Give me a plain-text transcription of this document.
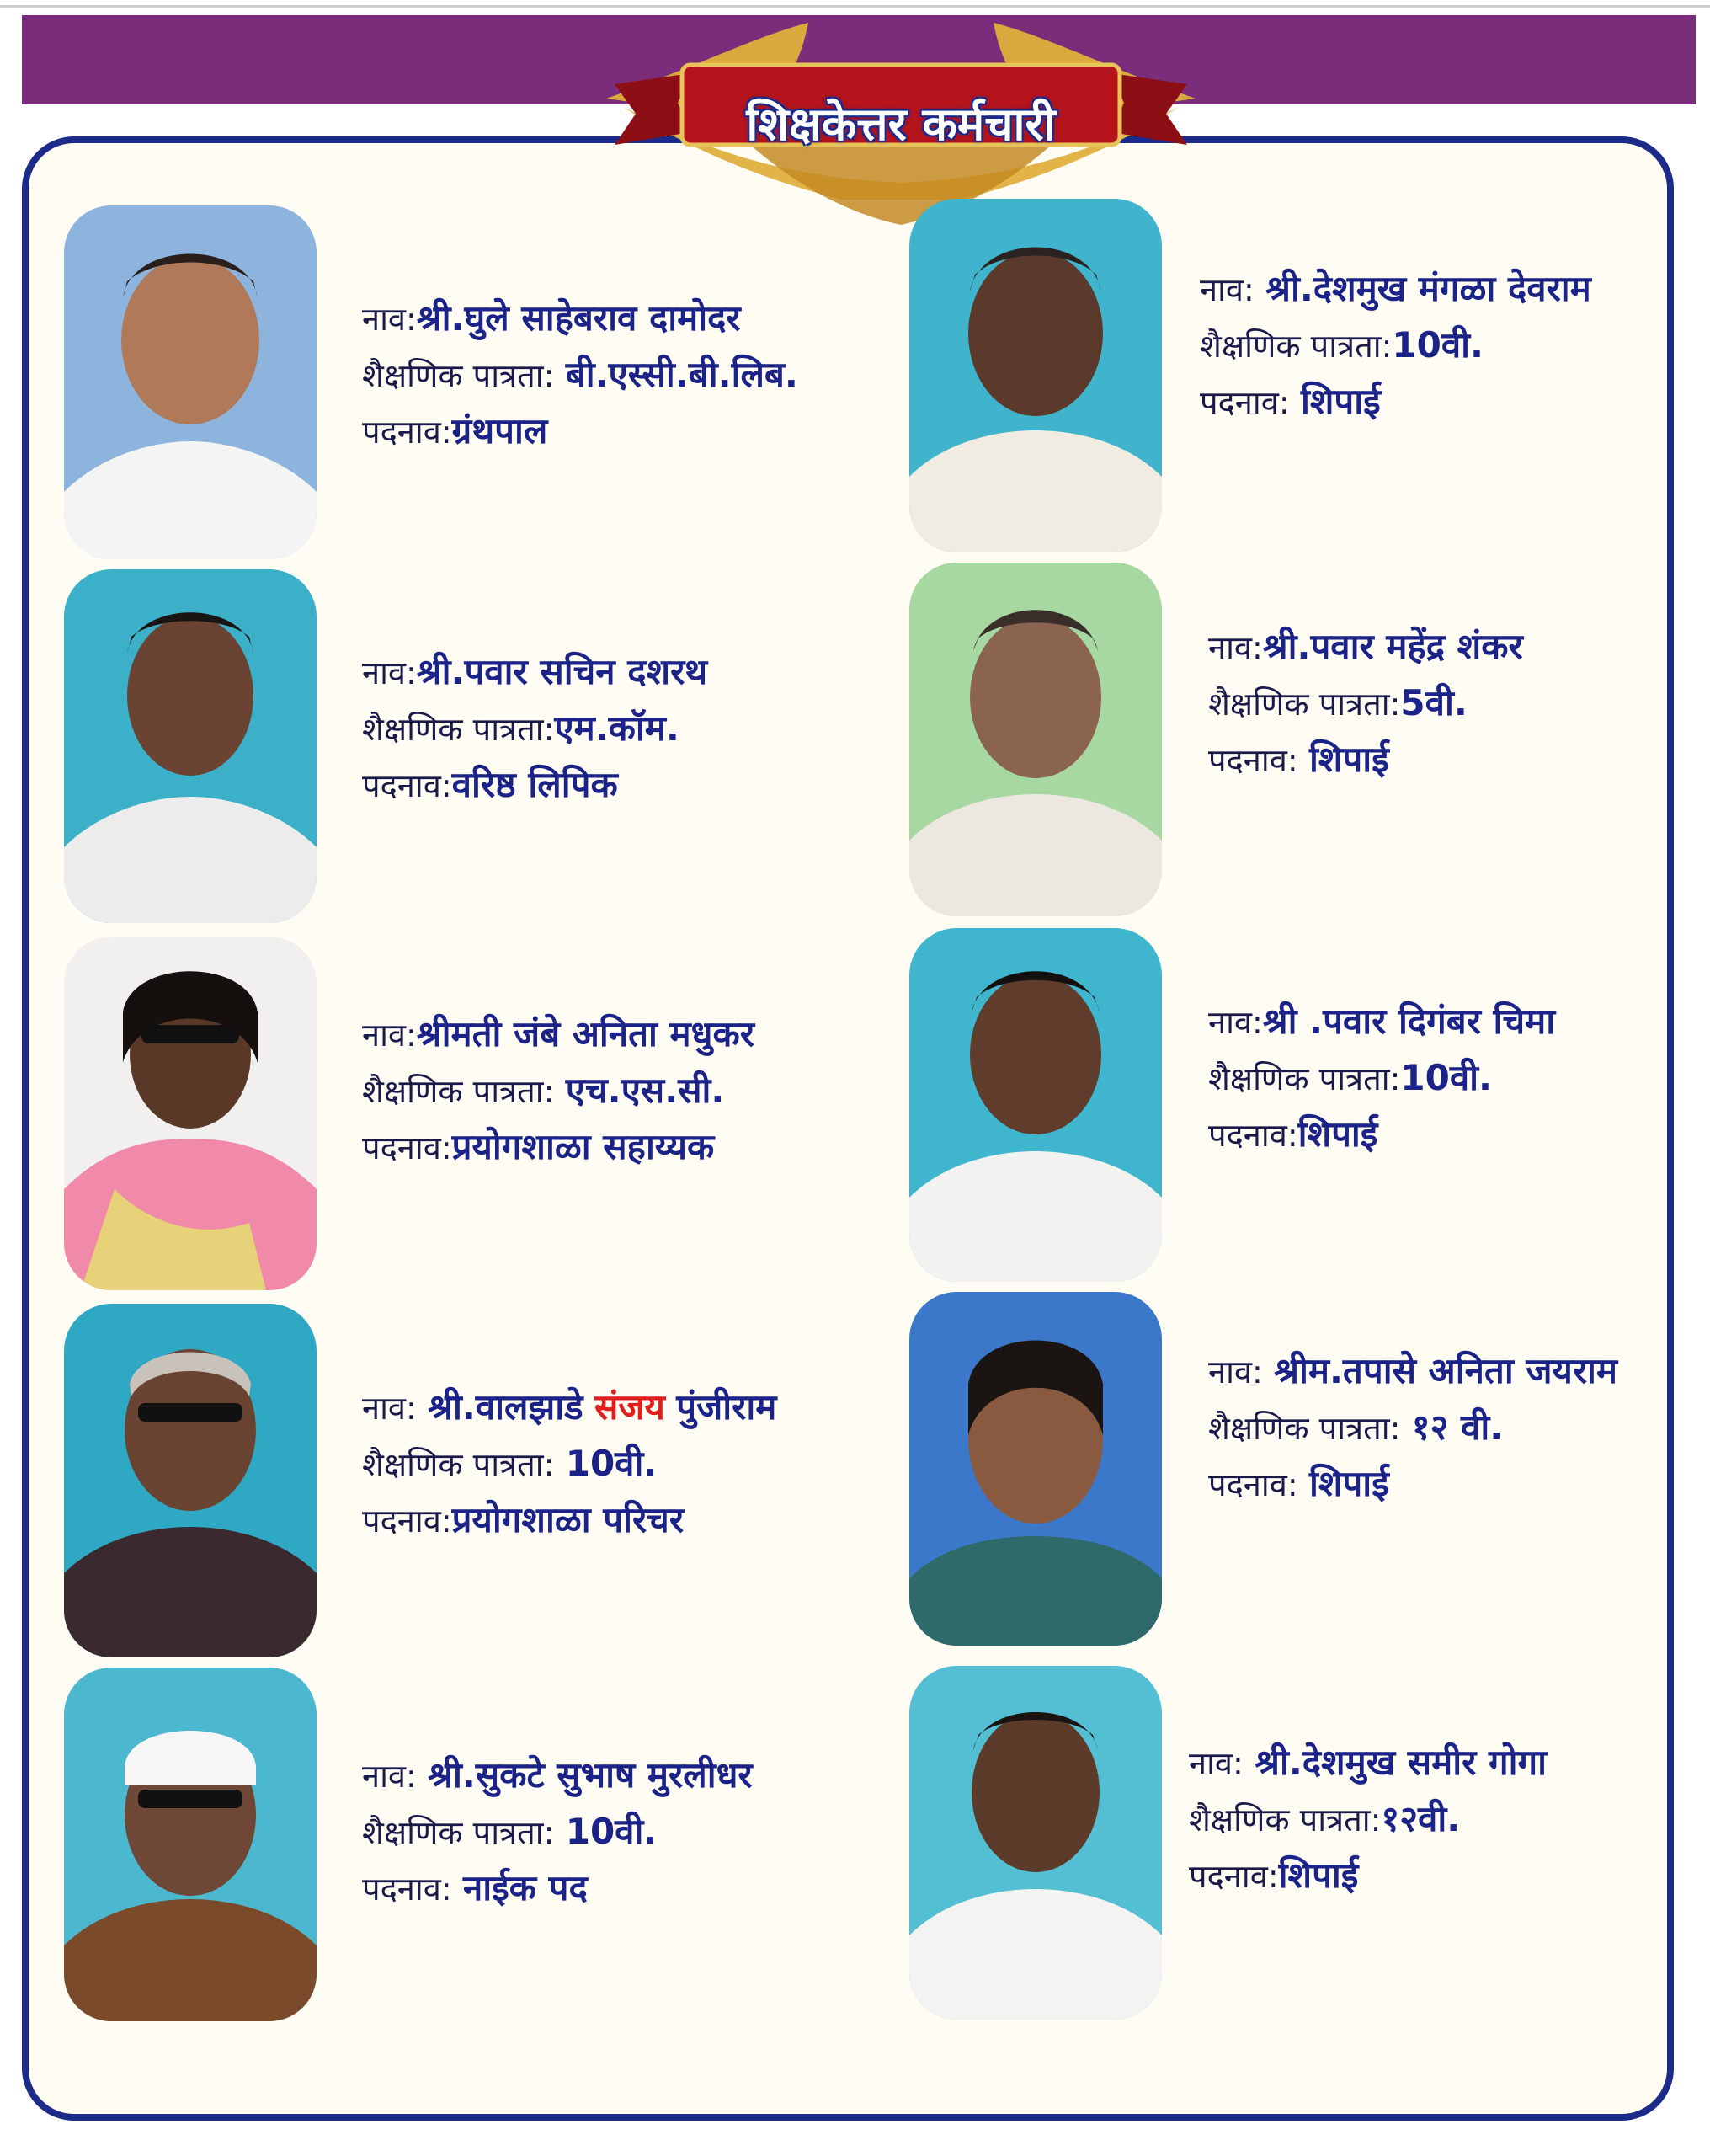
शिक्षकेत्तर कर्मचारी
नाव:श्री.घुले साहेबराव दामोदर
शैक्षणिक पात्रता: बी.एस्सी.बी.लिब.
पदनाव:ग्रंथपाल
नाव:श्री.पवार सचिन दशरथ
शैक्षणिक पात्रता:एम.कॉम.
पदनाव:वरिष्ठ लिपिक
नाव:श्रीमती जंबे अनिता मधुकर
शैक्षणिक पात्रता: एच.एस.सी.
पदनाव:प्रयोगशाळा सहाय्यक
नाव: श्री.वालझाडे संजय पुंजीराम
शैक्षणिक पात्रता: 10वी.
पदनाव:प्रयोगशाळा परिचर
नाव: श्री.सुकटे सुभाष मुरलीधर
शैक्षणिक पात्रता: 10वी.
पदनाव: नाईक पद
नाव: श्री.देशमुख मंगळा देवराम
शैक्षणिक पात्रता:10वी.
पदनाव: शिपाई
नाव:श्री.पवार महेंद्र शंकर
शैक्षणिक पात्रता:5वी.
पदनाव: शिपाई
नाव:श्री .पवार दिगंबर चिमा
शैक्षणिक पात्रता:10वी.
पदनाव:शिपाई
नाव: श्रीम.तपासे अनिता जयराम
शैक्षणिक पात्रता: १२ वी.
पदनाव: शिपाई
नाव: श्री.देशमुख समीर गोगा
शैक्षणिक पात्रता:१२वी.
पदनाव:शिपाई
